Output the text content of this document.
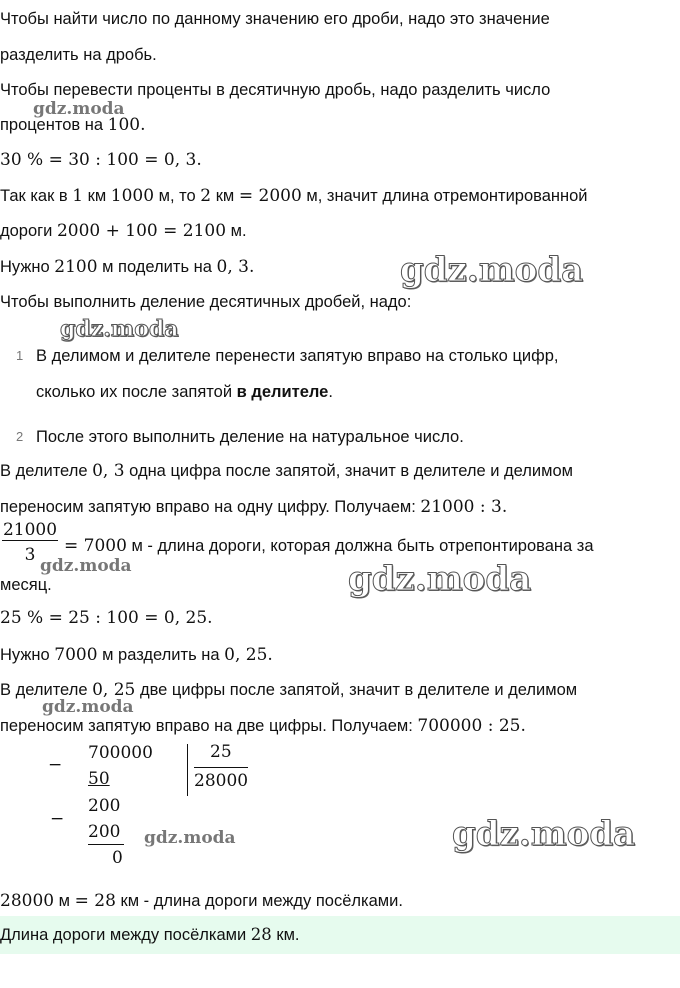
Чтобы найти число по данному значению его дроби, надо это значение
разделить на дробь.
Чтобы перевести проценты в десятичную дробь, надо разделить число
gdz.moda
процентов на 100.
30 % = 30 : 100 = 0, 3.
Так как в 1 км 1000 м, то 2 км = 2000 м, значит длина отремонтированной
дороги 2000 + 100 = 2100 м.
Нужно 2100 м поделить на 0, 3.	gdz.moda
Чтобы выполнить деление десятичных дробей, надо:
gdz.moda
1 В делимом и делителе перенести запятую вправо на столько цифр,
сколько их после запятой в делителе.
2 После этого выполнить деление на натуральное число.
В делителе 0, 3 одна цифра после запятой, значит в делителе и делимом
переносим запятую вправо на одну цифру. Получаем: 21000 : 3.
21000
3	= 7000 м - длина дороги, которая должна быть отрепонтирована за
gdz.moda
месяц.	gdz.moda
25 % = 25 : 100 = 0, 25.
Нужно 7000 м разделить на 0, 25.
В делителе 0, 25 две цифры после запятой, значит в делителе и делимом
gdz.moda
переносим запятую вправо на две цифры. Получаем: 700000 : 25.
−
700000
50
25
28000
−
200
200
0
gdz.moda	gdz.moda
28000 м = 28 км - длина дороги между посёлками.
Длина дороги между посёлками 28 км.
